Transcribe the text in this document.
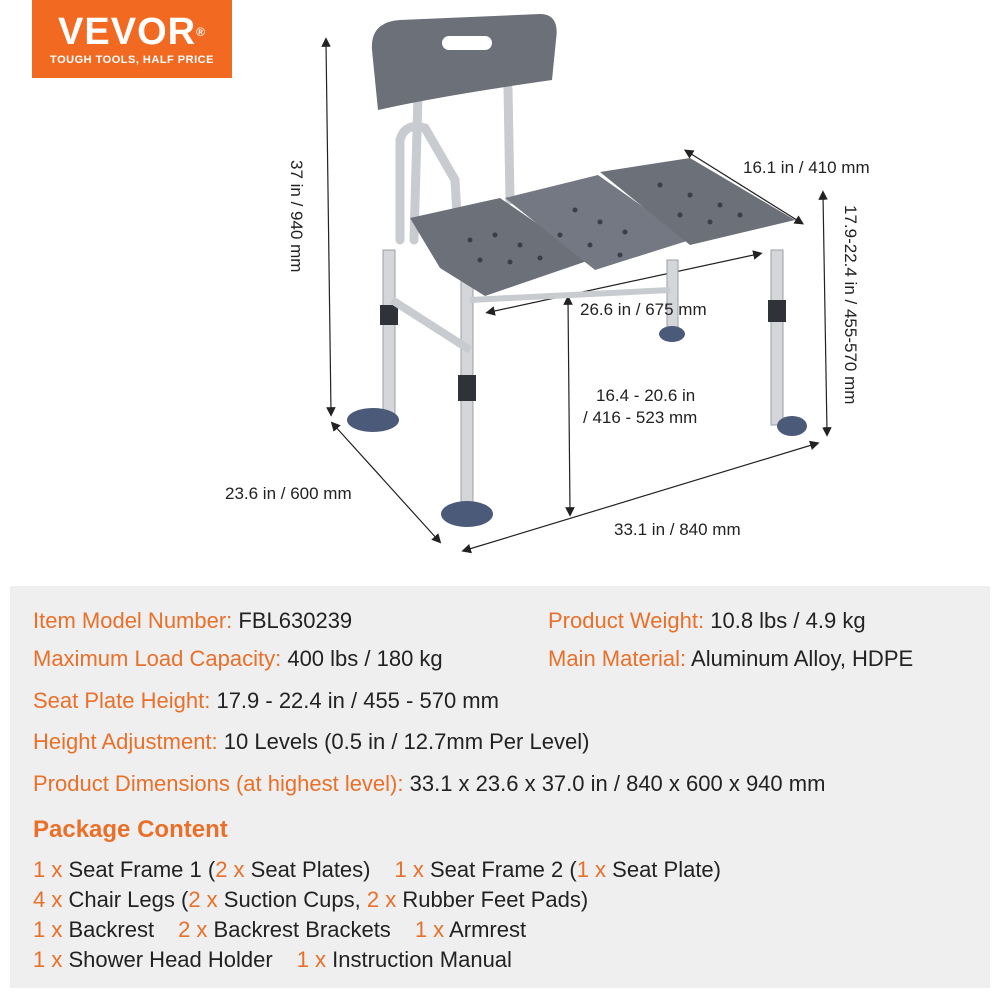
VEVOR®
TOUGH TOOLS, HALF PRICE
37 in / 940 mm	16.1 in / 410 mm
17.9-22.4 in / 455-570 mm
26.6 in / 675 mm
16.4 - 20.6 in
/ 416 - 523 mm
23.6 in / 600 mm
33.1 in / 840 mm
Item Model Number: FBL630239	Product Weight: 10.8 lbs / 4.9 kg
Maximum Load Capacity: 400 lbs / 180 kg	Main Material: Aluminum Alloy, HDPE
Seat Plate Height: 17.9 - 22.4 in / 455 - 570 mm
Height Adjustment: 10 Levels (0.5 in / 12.7mm Per Level)
Product Dimensions (at highest level): 33.1 x 23.6 x 37.0 in / 840 x 600 x 940 mm
Package Content
1 x Seat Frame 1 (2 x Seat Plates) 1 x Seat Frame 2 (1 x Seat Plate)
4 x Chair Legs (2 x Suction Cups, 2 x Rubber Feet Pads)
1 x Backrest 2 x Backrest Brackets 1 x Armrest
1 x Shower Head Holder 1 x Instruction Manual
